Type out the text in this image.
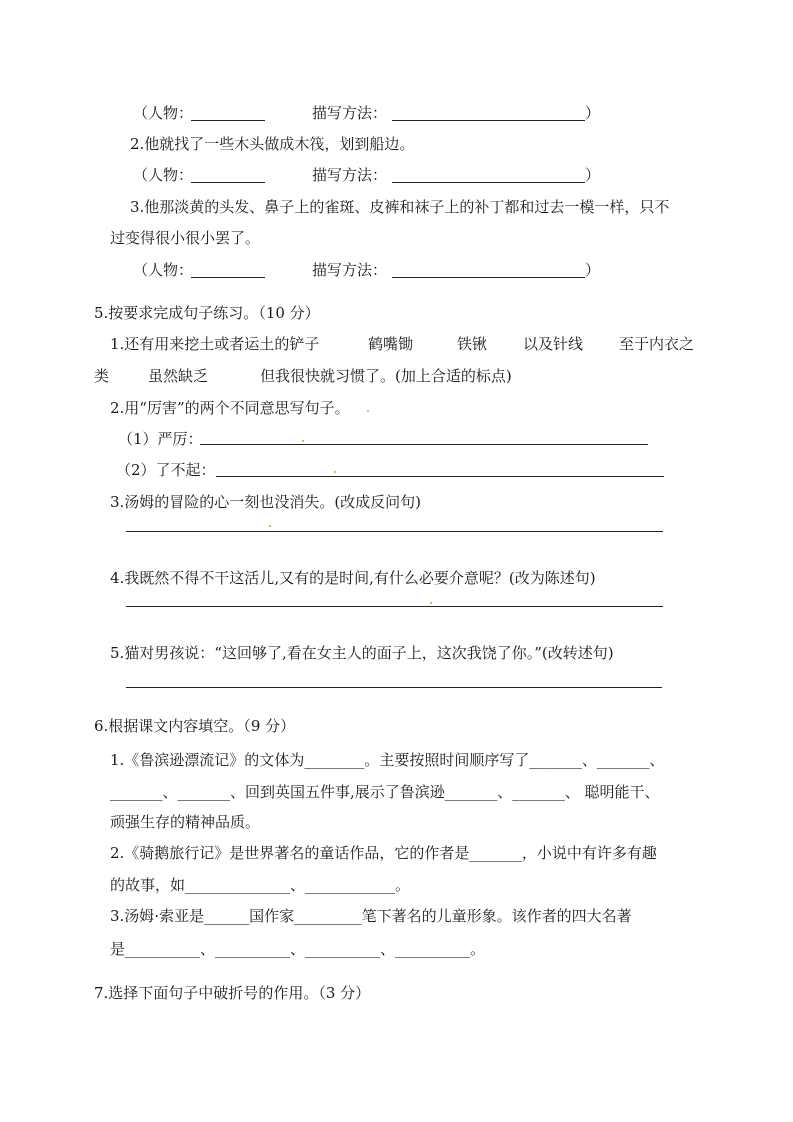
（人物：	描写方法：	）
2.他就找了一些木头做成木筏，划到船边。
（人物：	描写方法：	）
3.他那淡黄的头发、鼻子上的雀斑、皮裤和袜子上的补丁都和过去一模一样，只不
过变得很小很小罢了。
（人物：	描写方法：	）
5.按要求完成句子练习。（10 分）
1.还有用来挖土或者运土的铲子	鹤嘴锄	铁锹 以及针线 至于内衣之
类	虽然缺乏	但我很快就习惯了。(加上合适的标点)
2.用“厉害”的两个不同意思写句子。
（1）严厉：
（2）了不起：
3.汤姆的冒险的心一刻也没消失。(改成反问句)
4.我既然不得不干这活儿,又有的是时间,有什么必要介意呢？(改为陈述句)
5.猫对男孩说：“这回够了,看在女主人的面子上，这次我饶了你。”(改转述句)
6.根据课文内容填空。（9 分）
1.《鲁滨逊漂流记》的文体为________。主要按照时间顺序写了_______、_______、
_______、_______、回到英国五件事,展示了鲁滨逊_______、_______、 聪明能干、
顽强生存的精神品质。
2.《骑鹅旅行记》是世界著名的童话作品，它的作者是_______，小说中有许多有趣
的故事，如______________、____________。
3.汤姆·索亚是______国作家_________笔下著名的儿童形象。该作者的四大名著
是__________、__________、__________、__________。
7.选择下面句子中破折号的作用。（3 分）
